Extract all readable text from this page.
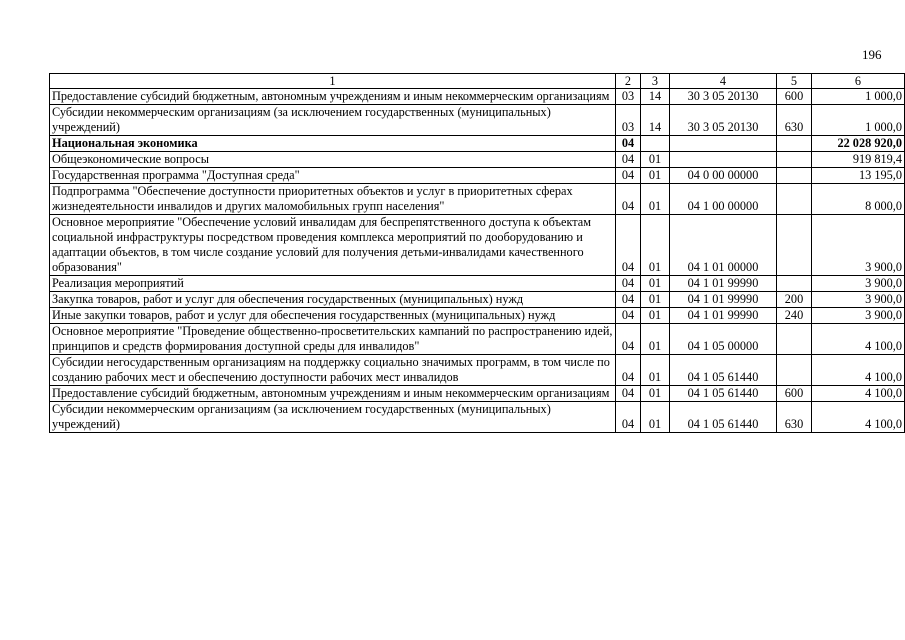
196
1	2	3	4	5	6
Предоставление субсидий бюджетным, автономным учреждениям и иным некоммерческим организациям	03	14	30 3 05 20130	600	1 000,0
Субсидии некоммерческим организациям (за исключением государственных (муниципальных) учреждений)	03	14	30 3 05 20130	630	1 000,0
Национальная экономика	04				22 028 920,0
Общеэкономические вопросы	04	01			919 819,4
Государственная программа "Доступная среда"	04	01	04 0 00 00000		13 195,0
Подпрограмма "Обеспечение доступности приоритетных объектов и услуг в приоритетных сферах жизнедеятельности инвалидов и других маломобильных групп населения"	04	01	04 1 00 00000		8 000,0
Основное мероприятие "Обеспечение условий инвалидам для беспрепятственного доступа к объектам социальной инфраструктуры посредством проведения комплекса мероприятий по дооборудованию и адаптации объектов, в том числе создание условий для получения детьми-инвалидами качественного образования"	04	01	04 1 01 00000		3 900,0
Реализация мероприятий	04	01	04 1 01 99990		3 900,0
Закупка товаров, работ и услуг для обеспечения государственных (муниципальных) нужд	04	01	04 1 01 99990	200	3 900,0
Иные закупки товаров, работ и услуг для обеспечения государственных (муниципальных) нужд	04	01	04 1 01 99990	240	3 900,0
Основное мероприятие "Проведение общественно-просветительских кампаний по распространению идей, принципов и средств формирования доступной среды для инвалидов"	04	01	04 1 05 00000		4 100,0
Субсидии негосударственным организациям на поддержку социально значимых программ, в том числе по созданию рабочих мест и обеспечению доступности рабочих мест инвалидов	04	01	04 1 05 61440		4 100,0
Предоставление субсидий бюджетным, автономным учреждениям и иным некоммерческим организациям	04	01	04 1 05 61440	600	4 100,0
Субсидии некоммерческим организациям (за исключением государственных (муниципальных) учреждений)	04	01	04 1 05 61440	630	4 100,0
